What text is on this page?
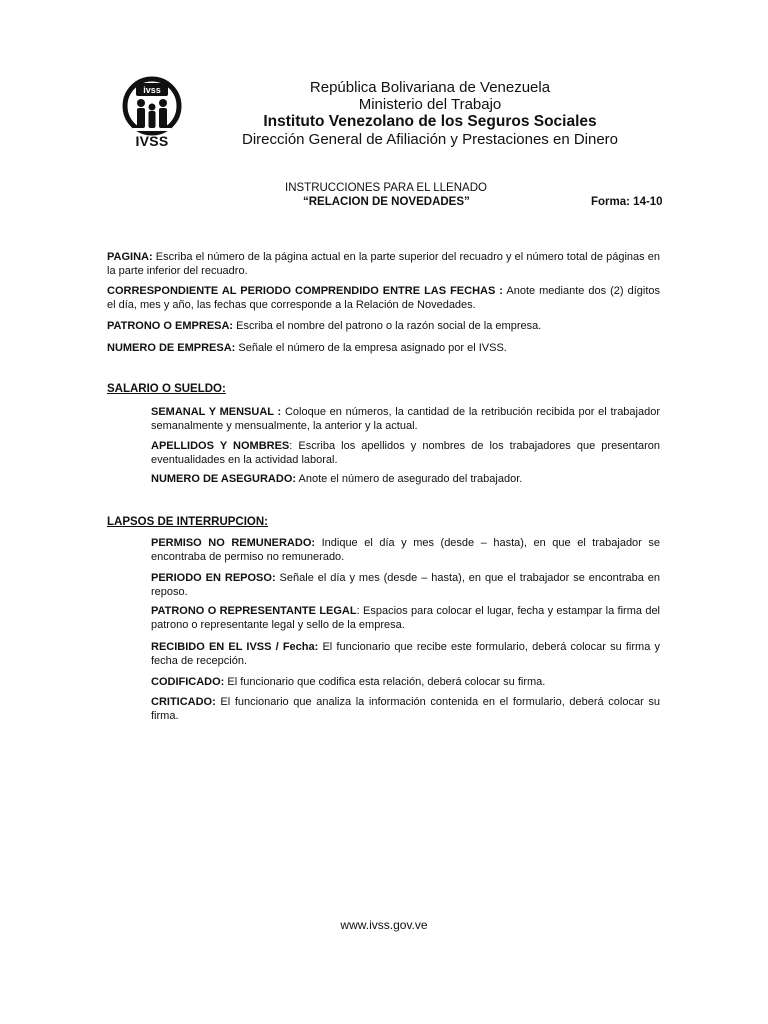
ivss
IVSS
República Bolivariana de Venezuela
Ministerio del Trabajo
Instituto Venezolano de los Seguros Sociales
Dirección General de Afiliación y Prestaciones en Dinero
INSTRUCCIONES PARA EL LLENADO
“RELACION DE NOVEDADES”	Forma: 14-10
PAGINA: Escriba el número de la página actual en la parte superior del recuadro y el número total de páginas en la parte inferior del recuadro.
CORRESPONDIENTE AL PERIODO COMPRENDIDO ENTRE LAS FECHAS : Anote mediante dos (2) dígitos el día, mes y año, las fechas que corresponde a la Relación de Novedades.
PATRONO O EMPRESA: Escriba el nombre del patrono o la razón social de la empresa.
NUMERO DE EMPRESA: Señale el número de la empresa asignado por el IVSS.
SALARIO O SUELDO:
SEMANAL Y MENSUAL : Coloque en números, la cantidad de la retribución recibida por el trabajador semanalmente y mensualmente, la anterior y la actual.
APELLIDOS Y NOMBRES: Escriba los apellidos y nombres de los trabajadores que presentaron eventualidades en la actividad laboral.
NUMERO DE ASEGURADO: Anote el número de asegurado del trabajador.
LAPSOS DE INTERRUPCION:
PERMISO NO REMUNERADO: Indique el día y mes (desde – hasta), en que el trabajador se encontraba de permiso no remunerado.
PERIODO EN REPOSO: Señale el día y mes (desde – hasta), en que el trabajador se encontraba en reposo.
PATRONO O REPRESENTANTE LEGAL: Espacios para colocar el lugar, fecha y estampar la firma del patrono o representante legal y sello de la empresa.
RECIBIDO EN EL IVSS / Fecha: El funcionario que recibe este formulario, deberá colocar su firma y fecha de recepción.
CODIFICADO: El funcionario que codifica esta relación, deberá colocar su firma.
CRITICADO: El funcionario que analiza la información contenida en el formulario, deberá colocar su firma.
www.ivss.gov.ve
